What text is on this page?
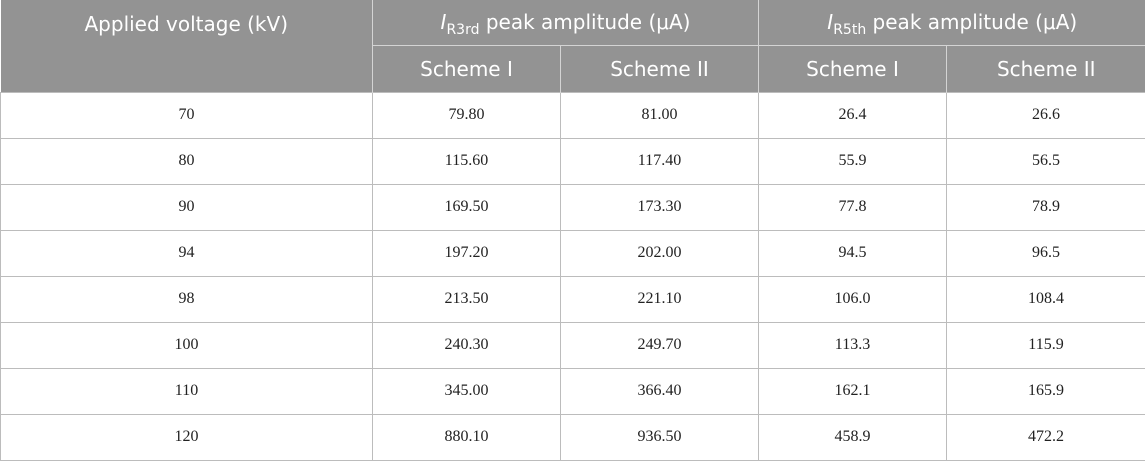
Applied voltage (kV)	$I_{R3rd}$ peak amplitude (μA)		$I_{R5th}$ peak amplitude (μA)	
	Scheme I	Scheme II	Scheme I	Scheme II
70	79.80	81.00	26.4	26.6
80	115.60	117.40	55.9	56.5
90	169.50	173.30	77.8	78.9
94	197.20	202.00	94.5	96.5
98	213.50	221.10	106.0	108.4
100	240.30	249.70	113.3	115.9
110	345.00	366.40	162.1	165.9
120	880.10	936.50	458.9	472.2
